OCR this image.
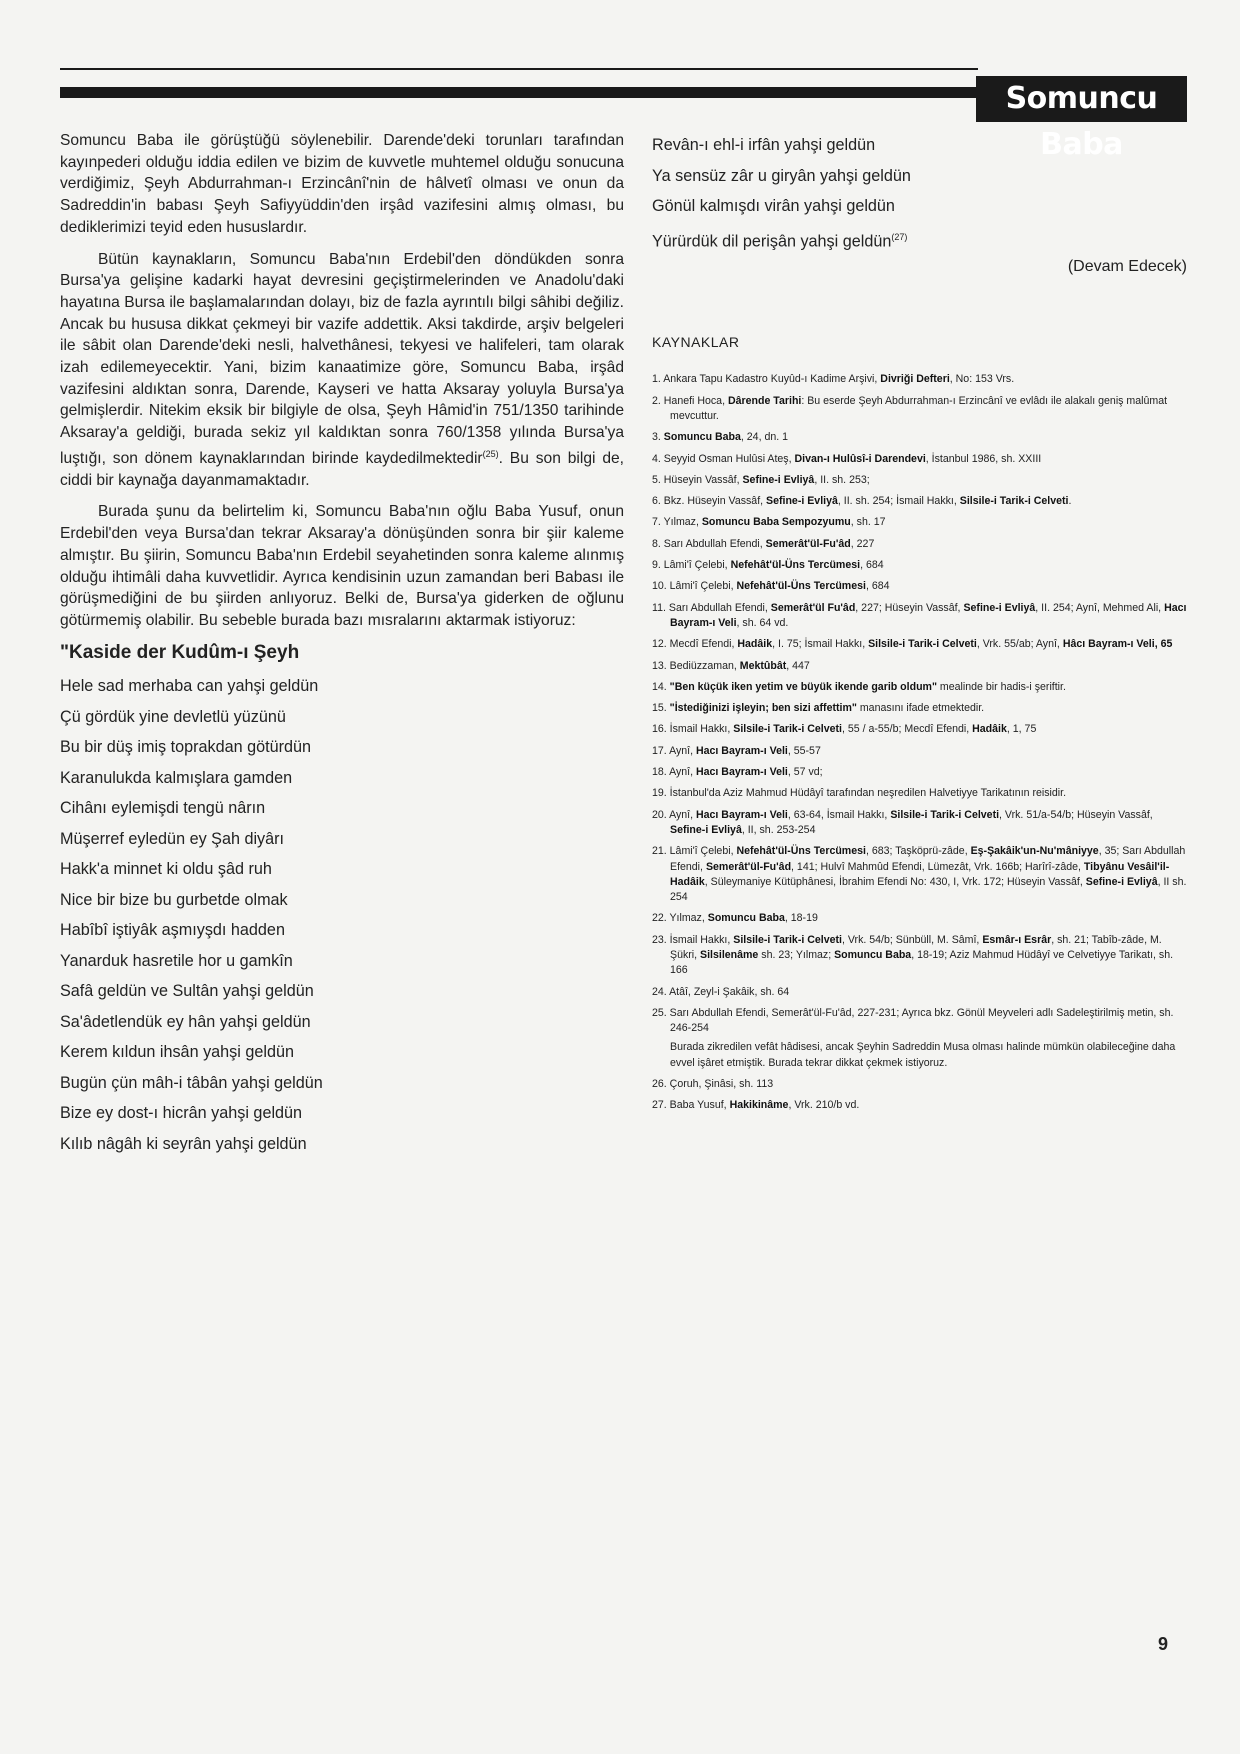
Somuncu Baba

Somuncu Baba ile görüştüğü söylenebilir. Darende'deki torunları tarafından kayınpederi olduğu iddia edilen ve bizim de kuvvetle muhtemel olduğu sonucuna verdiğimiz, Şeyh Abdurrahman-ı Erzincânî'nin de hâlvetî olması ve onun da Sadreddin'in babası Şeyh Safiyyüddin'den irşâd vazifesini almış olması, bu dediklerimizi teyid eden hususlardır.

Bütün kaynakların, Somuncu Baba'nın Erdebil'den döndükden sonra Bursa'ya gelişine kadarki hayat devresini geçiştirmelerinden ve Anadolu'daki hayatına Bursa ile başlamalarından dolayı, biz de fazla ayrıntılı bilgi sâhibi değiliz. Ancak bu hususa dikkat çekmeyi bir vazife addettik. Aksi takdirde, arşiv belgeleri ile sâbit olan Darende'deki nesli, halvethânesi, tekyesi ve halifeleri, tam olarak izah edilemeyecektir. Yani, bizim kanaatimize göre, Somuncu Baba, irşâd vazifesini aldıktan sonra, Darende, Kayseri ve hatta Aksaray yoluyla Bursa'ya gelmişlerdir. Nitekim eksik bir bilgiyle de olsa, Şeyh Hâmid'in 751/1350 tarihinde Aksaray'a geldiği, burada sekiz yıl kaldıktan sonra 760/1358 yılında Bursa'ya luştığı, son dönem kaynaklarından birinde kaydedilmektedir$^{(25)}$. Bu son bilgi de, ciddi bir kaynağa dayanmamaktadır.

Burada şunu da belirtelim ki, Somuncu Baba'nın oğlu Baba Yusuf, onun Erdebil'den veya Bursa'dan tekrar Aksaray'a dönüşünden sonra bir şiir kaleme almıştır. Bu şiirin, Somuncu Baba'nın Erdebil seyahetinden sonra kaleme alınmış olduğu ihtimâli daha kuvvetlidir. Ayrıca kendisinin uzun zamandan beri Babası ile görüşmediğini de bu şiirden anlıyoruz. Belki de, Bursa'ya giderken de oğlunu götürmemiş olabilir. Bu sebeble burada bazı mısralarını aktarmak istiyoruz:

"Kaside der Kudûm-ı Şeyh
Hele sad merhaba can yahşi geldün
Çü gördük yine devletlü yüzünü
Bu bir düş imiş toprakdan götürdün
Karanulukda kalmışlara gamden
Cihânı eylemişdi tengü nârın
Müşerref eyledün ey Şah diyârı
Hakk'a minnet ki oldu şâd ruh
Nice bir bize bu gurbetde olmak
Habîbî iştiyâk aşmıyşdı hadden
Yanarduk hasretile hor u gamkîn
Safâ geldün ve Sultân yahşi geldün
Sa'âdetlendük ey hân yahşi geldün
Kerem kıldun ihsân yahşi geldün
Bugün çün mâh-i tâbân yahşi geldün
Bize ey dost-ı hicrân yahşi geldün
Kılıb nâgâh ki seyrân yahşi geldün
Revân-ı ehl-i irfân yahşi geldün
Ya sensüz zâr u giryân yahşi geldün
Gönül kalmışdı virân yahşi geldün
Yürürdük dil perişân yahşi geldün$^{(27)}$
(Devam Edecek)
KAYNAKLAR
1. Ankara Tapu Kadastro Kuyûd-ı Kadime Arşivi, Divriği Defteri, No: 153 Vrs.
2. Hanefi Hoca, Dârende Tarihi: Bu eserde Şeyh Abdurrahman-ı Erzincânî ve evlâdı ile alakalı geniş malûmat mevcuttur.
3. Somuncu Baba, 24, dn. 1
4. Seyyid Osman Hulûsi Ateş, Divan-ı Hulûsî-i Darendevi, İstanbul 1986, sh. XXIII
5. Hüseyin Vassâf, Sefine-i Evliyâ, II. sh. 253;
6. Bkz. Hüseyin Vassâf, Sefine-i Evliyâ, II. sh. 254; İsmail Hakkı, Silsile-i Tarik-i Celveti.
7. Yılmaz, Somuncu Baba Sempozyumu, sh. 17
8. Sarı Abdullah Efendi, Semerât'ül-Fu'âd, 227
9. Lâmi'î Çelebi, Nefehât'ül-Üns Tercümesi, 684
10. Lâmi'î Çelebi, Nefehât'ül-Üns Tercümesi, 684
11. Sarı Abdullah Efendi, Semerât'ül Fu'âd, 227; Hüseyin Vassâf, Sefine-i Evliyâ, II. 254; Aynî, Mehmed Ali, Hacı Bayram-ı Veli, sh. 64 vd.
12. Mecdî Efendi, Hadâik, I. 75; İsmail Hakkı, Silsile-i Tarik-i Celveti, Vrk. 55/ab; Aynî, Hâcı Bayram-ı Veli, 65
13. Bediüzzaman, Mektûbât, 447
14. "Ben küçük iken yetim ve büyük ikende garib oldum" mealinde bir hadis-i şeriftir.
15. "İstediğinizi işleyin; ben sizi affettim" manasını ifade etmektedir.
16. İsmail Hakkı, Silsile-i Tarik-i Celveti, 55 / a-55/b; Mecdî Efendi, Hadâik, 1, 75
17. Aynî, Hacı Bayram-ı Veli, 55-57
18. Aynî, Hacı Bayram-ı Veli, 57 vd;
19. İstanbul'da Aziz Mahmud Hüdâyî tarafından neşredilen Halvetiyye Tarikatının reisidir.
20. Aynî, Hacı Bayram-ı Veli, 63-64, İsmail Hakkı, Silsile-i Tarik-i Celveti, Vrk. 51/a-54/b; Hüseyin Vassâf, Sefine-i Evliyâ, II, sh. 253-254
21. Lâmi'î Çelebi, Nefehât'ül-Üns Tercümesi, 683; Taşköprü-zâde, Eş-Şakâik'un-Nu'mâniyye, 35; Sarı Abdullah Efendi, Semerât'ül-Fu'âd, 141; Hulvî Mahmûd Efendi, Lümezât, Vrk. 166b; Harîrî-zâde, Tibyânu Vesâil'il-Hadâik, Süleymaniye Kütüphânesi, İbrahim Efendi No: 430, I, Vrk. 172; Hüseyin Vassâf, Sefine-i Evliyâ, II sh. 254
22. Yılmaz, Somuncu Baba, 18-19
23. İsmail Hakkı, Silsile-i Tarik-i Celveti, Vrk. 54/b; Sünbüll, M. Sâmî, Esmâr-ı Esrâr, sh. 21; Tabîb-zâde, M. Şükri, Silsilenâme sh. 23; Yılmaz; Somuncu Baba, 18-19; Aziz Mahmud Hüdâyî ve Celvetiyye Tarikatı, sh. 166
24. Atâî, Zeyl-i Şakâik, sh. 64
25. Sarı Abdullah Efendi, Semerât'ül-Fu'âd, 227-231; Ayrıca bkz. Gönül Meyveleri adlı Sadeleştirilmiş metin, sh. 246-254
Burada zikredilen vefât hâdisesi, ancak Şeyhin Sadreddin Musa olması halinde mümkün olabileceğine daha evvel işâret etmiştik. Burada tekrar dikkat çekmek istiyoruz.
26. Çoruh, Şinâsi, sh. 113
27. Baba Yusuf, Hakikinâme, Vrk. 210/b vd.
9
